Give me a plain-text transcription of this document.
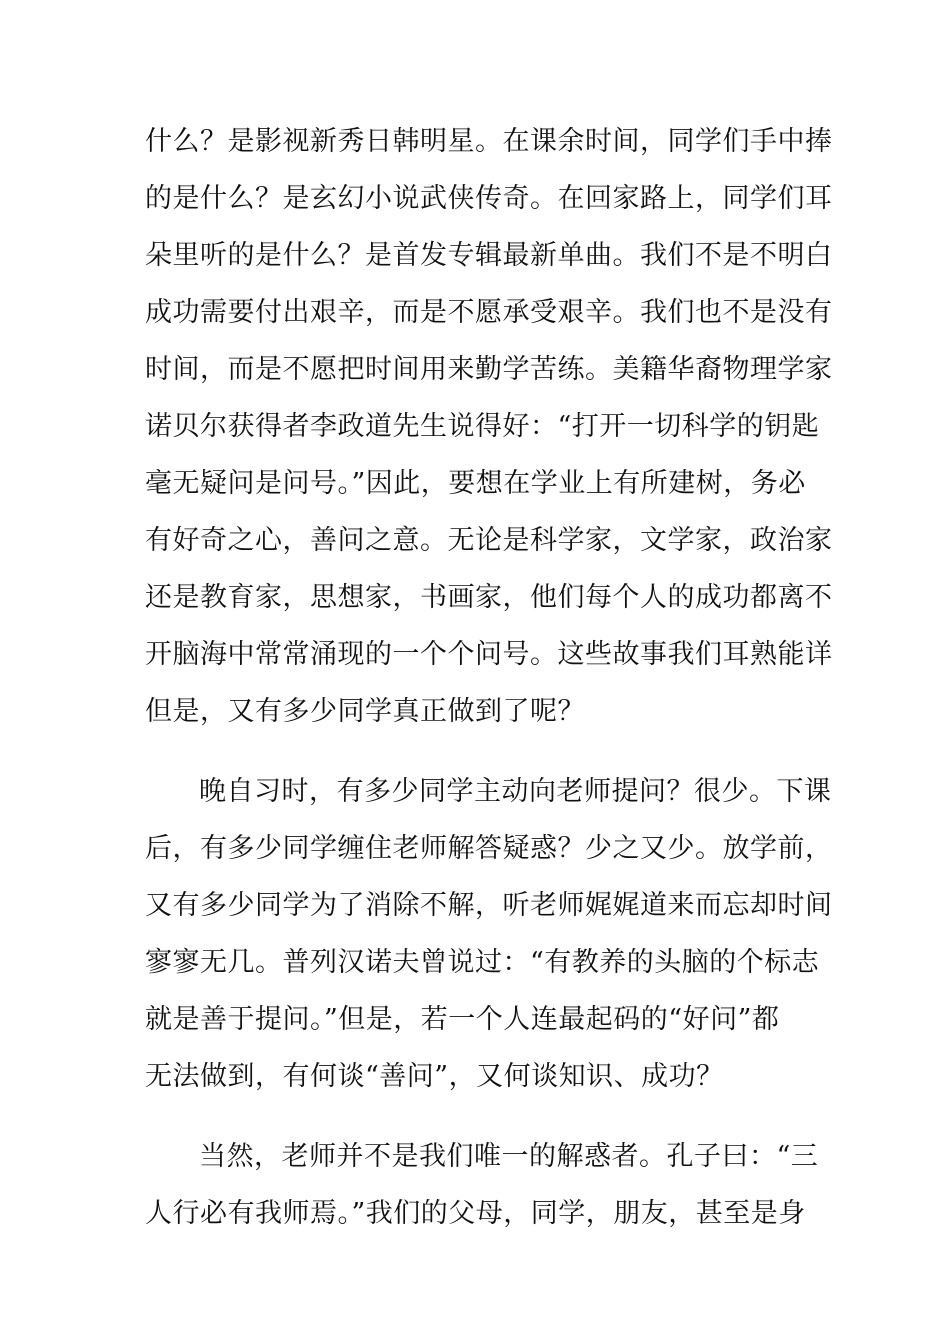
什么？是影视新秀日韩明星。在课余时间，同学们手中捧
的是什么？是玄幻小说武侠传奇。在回家路上，同学们耳
朵里听的是什么？是首发专辑最新单曲。我们不是不明白
成功需要付出艰辛，而是不愿承受艰辛。我们也不是没有
时间，而是不愿把时间用来勤学苦练。美籍华裔物理学家
诺贝尔获得者李政道先生说得好：“打开一切科学的钥匙
毫无疑问是问号。”因此，要想在学业上有所建树，务必
有好奇之心，善问之意。无论是科学家，文学家，政治家
还是教育家，思想家，书画家，他们每个人的成功都离不
开脑海中常常涌现的一个个问号。这些故事我们耳熟能详
但是，又有多少同学真正做到了呢？
晚自习时，有多少同学主动向老师提问？很少。下课
后，有多少同学缠住老师解答疑惑？少之又少。放学前，
又有多少同学为了消除不解，听老师娓娓道来而忘却时间
寥寥无几。普列汉诺夫曾说过：“有教养的头脑的个标志
就是善于提问。”但是，若一个人连最起码的“好问”都
无法做到，有何谈“善问”，又何谈知识、成功？
当然，老师并不是我们唯一的解惑者。孔子曰：“三
人行必有我师焉。”我们的父母，同学，朋友，甚至是身
